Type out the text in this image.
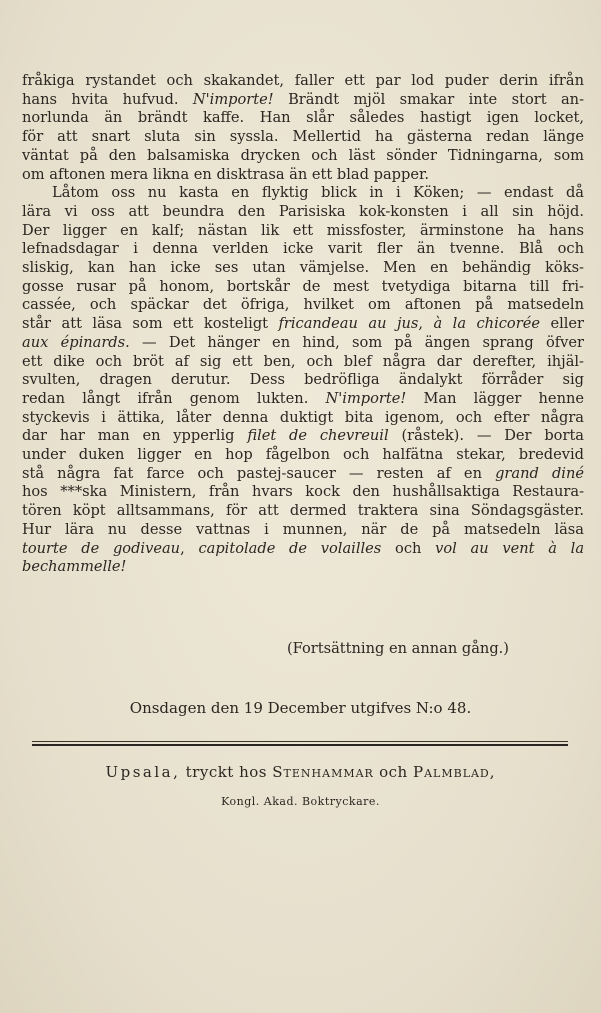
fråkiga rystandet och skakandet, faller ett par lod puder derin ifrån
hans hvita hufvud. N'importe! Brändt mjöl smakar inte stort an-
norlunda än brändt kaffe. Han slår således hastigt igen locket,
för att snart sluta sin syssla. Mellertid ha gästerna redan länge
väntat på den balsamiska drycken och läst sönder Tidningarna, som
om aftonen mera likna en disktrasa än ett blad papper.

Låtom oss nu kasta en flyktig blick in i Köken; — endast då
lära vi oss att beundra den Parisiska kok-konsten i all sin höjd.
Der ligger en kalf; nästan lik ett missfoster, ärminstone ha hans
lefnadsdagar i denna verlden icke varit fler än tvenne. Blå och
sliskig, kan han icke ses utan vämjelse. Men en behändig köks-
gosse rusar på honom, bortskår de mest tvetydiga bitarna till fri-
cassée, och späckar det öfriga, hvilket om aftonen på matsedeln
står att läsa som ett kosteligt fricandeau au jus, à la chicorée eller
aux épinards. — Det hänger en hind, som på ängen sprang öfver
ett dike och bröt af sig ett ben, och blef några dar derefter, ihjäl-
svulten, dragen derutur. Dess bedröfliga ändalykt förråder sig
redan långt ifrån genom lukten. N'importe! Man lägger henne
styckevis i ättika, låter denna duktigt bita igenom, och efter några
dar har man en ypperlig filet de chevreuil (råstek). — Der borta
under duken ligger en hop fågelbon och halfätna stekar, bredevid
stå några fat farce och pastej-saucer — resten af en grand diné
hos ***ska Ministern, från hvars kock den hushållsaktiga Restaura-
tören köpt alltsammans, för att dermed traktera sina Söndagsgäster.
Hur lära nu desse vattnas i munnen, när de på matsedeln läsa
tourte de godiveau, capitolade de volailles och vol au vent à la
bechammelle!

(Fortsättning en annan gång.)
Onsdagen den 19 December utgifves N:o 48.
Upsala, tryckt hos Stenhammar och Palmblad,
Kongl. Akad. Boktryckare.
